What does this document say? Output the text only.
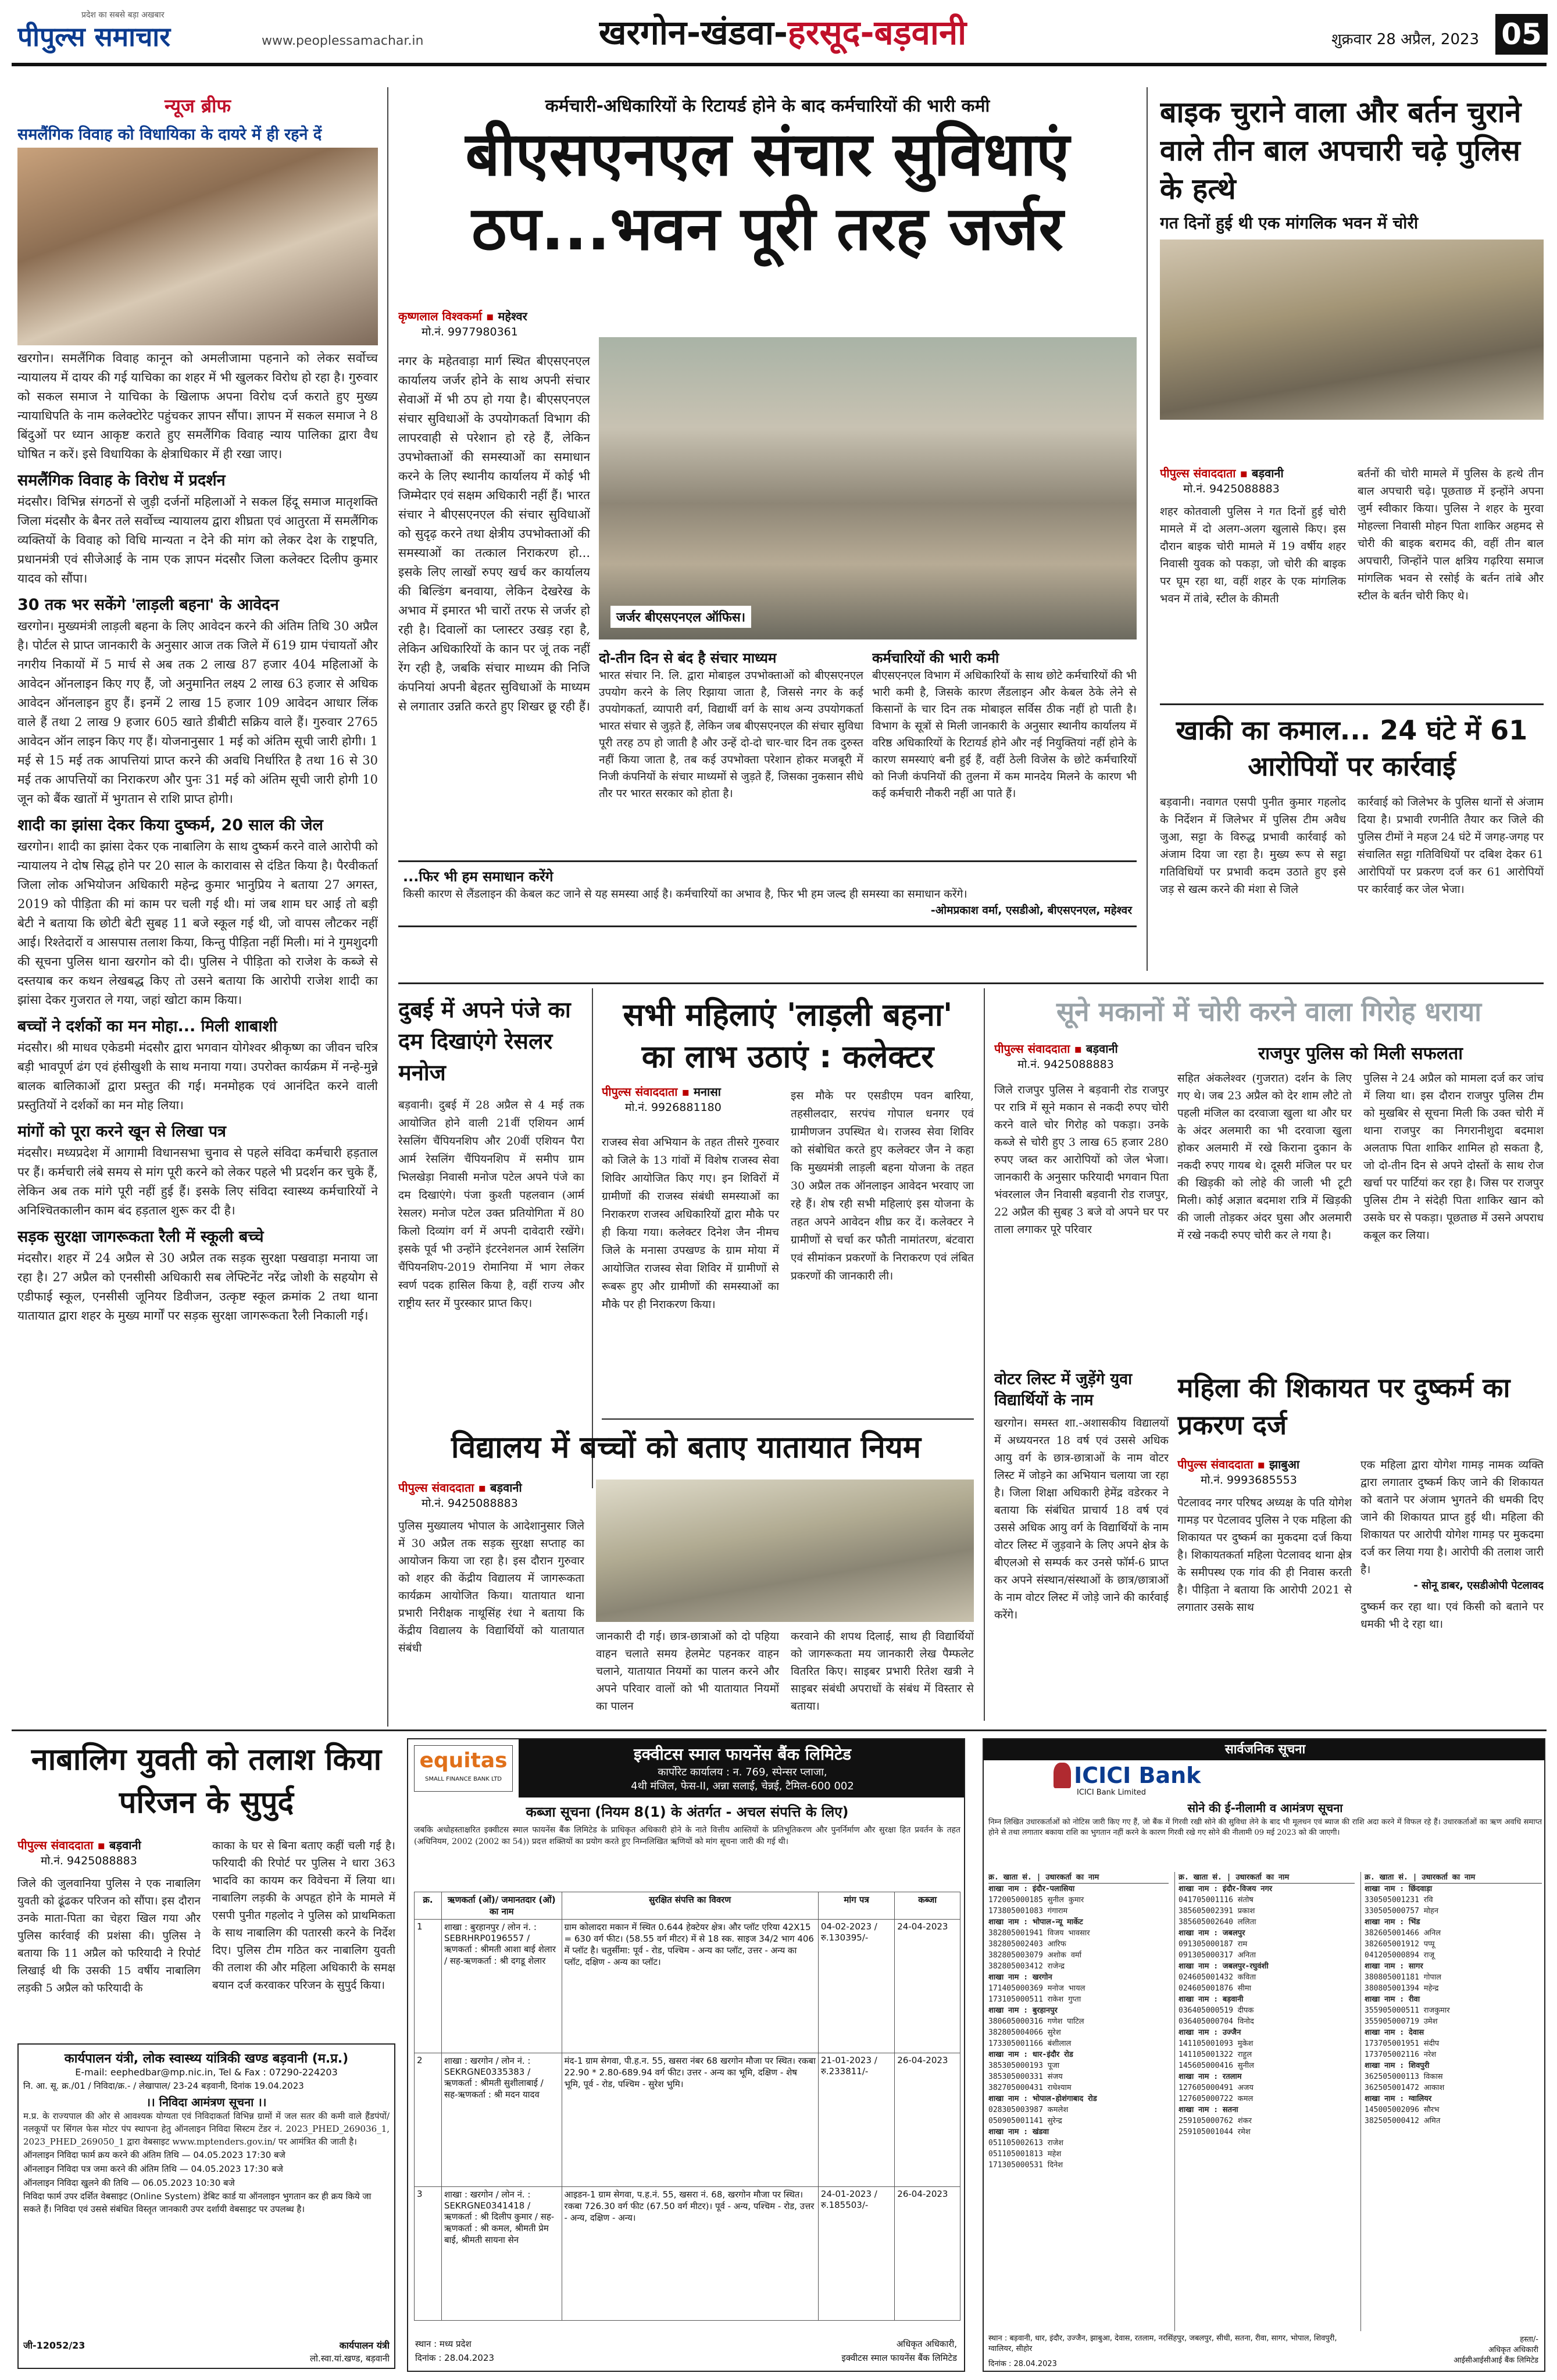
प्रदेश का सबसे बड़ा अखबार
पीपुल्स समाचार	www.peoplessamachar.in	खरगोन-खंडवा-हरसूद-बड़वानी	शुक्रवार 28 अप्रैल, 2023 05
न्यूज ब्रीफ
समलैंगिक विवाह को विधायिका के दायरे में ही रहने दें
खरगोन। समलैंगिक विवाह कानून को अमलीजामा पहनाने को लेकर सर्वोच्च न्यायालय में दायर की गई याचिका का शहर में भी खुलकर विरोध हो रहा है। गुरुवार को सकल समाज ने याचिका के खिलाफ अपना विरोध दर्ज कराते हुए मुख्य न्यायाधिपति के नाम कलेक्टोरेट पहुंचकर ज्ञापन सौंपा। ज्ञापन में सकल समाज ने 8 बिंदुओं पर ध्यान आकृष्ट कराते हुए समलैंगिक विवाह न्याय पालिका द्वारा वैध घोषित न करें। इसे विधायिका के क्षेत्राधिकार में ही रखा जाए।
समलैंगिक विवाह के विरोध में प्रदर्शन
मंदसौर। विभिन्न संगठनों से जुड़ी दर्जनों महिलाओं ने सकल हिंदू समाज मातृशक्ति जिला मंदसौर के बैनर तले सर्वोच्च न्यायालय द्वारा शीघ्रता एवं आतुरता में समलैंगिक व्यक्तियों के विवाह को विधि मान्यता न देने की मांग को लेकर देश के राष्ट्रपति, प्रधानमंत्री एवं सीजेआई के नाम एक ज्ञापन मंदसौर जिला कलेक्टर दिलीप कुमार यादव को सौंपा।
30 तक भर सकेंगे 'लाड़ली बहना' के आवेदन
खरगोन। मुख्यमंत्री लाड़ली बहना के लिए आवेदन करने की अंतिम तिथि 30 अप्रैल है। पोर्टल से प्राप्त जानकारी के अनुसार आज तक जिले में 619 ग्राम पंचायतों और नगरीय निकायों में 5 मार्च से अब तक 2 लाख 87 हजार 404 महिलाओं के आवेदन ऑनलाइन किए गए हैं, जो अनुमानित लक्ष्य 2 लाख 63 हजार से अधिक आवेदन ऑनलाइन हुए हैं। इनमें 2 लाख 15 हजार 109 आवेदन आधार लिंक वाले हैं तथा 2 लाख 9 हजार 605 खाते डीबीटी सक्रिय वाले हैं। गुरुवार 2765 आवेदन ऑन लाइन किए गए हैं। योजनानुसार 1 मई को अंतिम सूची जारी होगी। 1 मई से 15 मई तक आपत्तियां प्राप्त करने की अवधि निर्धारित है तथा 16 से 30 मई तक आपत्तियों का निराकरण और पुनः 31 मई को अंतिम सूची जारी होगी 10 जून को बैंक खातों में भुगतान से राशि प्राप्त होगी।
शादी का झांसा देकर किया दुष्कर्म, 20 साल की जेल
खरगोन। शादी का झांसा देकर एक नाबालिग के साथ दुष्कर्म करने वाले आरोपी को न्यायालय ने दोष सिद्ध होने पर 20 साल के कारावास से दंडित किया है। पैरवीकर्ता जिला लोक अभियोजन अधिकारी महेन्द्र कुमार भानुप्रिय ने बताया 27 अगस्त, 2019 को पीड़िता की मां काम पर चली गई थी। मां जब शाम घर आई तो बड़ी बेटी ने बताया कि छोटी बेटी सुबह 11 बजे स्कूल गई थी, जो वापस लौटकर नहीं आई। रिश्तेदारों व आसपास तलाश किया, किन्तु पीड़िता नहीं मिली। मां ने गुमशुदगी की सूचना पुलिस थाना खरगोन को दी। पुलिस ने पीड़िता को राजेश के कब्जे से दस्तयाब कर कथन लेखबद्ध किए तो उसने बताया कि आरोपी राजेश शादी का झांसा देकर गुजरात ले गया, जहां खोटा काम किया।
बच्चों ने दर्शकों का मन मोहा... मिली शाबाशी
मंदसौर। श्री माधव एकेडमी मंदसौर द्वारा भगवान योगेश्वर श्रीकृष्ण का जीवन चरित्र बड़ी भावपूर्ण ढंग एवं हंसीखुशी के साथ मनाया गया। उपरोक्त कार्यक्रम में नन्हे-मुन्ने बालक बालिकाओं द्वारा प्रस्तुत की गई। मनमोहक एवं आनंदित करने वाली प्रस्तुतियों ने दर्शकों का मन मोह लिया।
मांगों को पूरा करने खून से लिखा पत्र
मंदसौर। मध्यप्रदेश में आगामी विधानसभा चुनाव से पहले संविदा कर्मचारी हड़ताल पर हैं। कर्मचारी लंबे समय से मांग पूरी करने को लेकर पहले भी प्रदर्शन कर चुके हैं, लेकिन अब तक मांगे पूरी नहीं हुई हैं। इसके लिए संविदा स्वास्थ्य कर्मचारियों ने अनिश्चितकालीन काम बंद हड़ताल शुरू कर दी है।
सड़क सुरक्षा जागरूकता रैली में स्कूली बच्चे
मंदसौर। शहर में 24 अप्रैल से 30 अप्रैल तक सड़क सुरक्षा पखवाड़ा मनाया जा रहा है। 27 अप्रैल को एनसीसी अधिकारी सब लेफ्टिनेंट नरेंद्र जोशी के सहयोग से एडीफाई स्कूल, एनसीसी जूनियर डिवीजन, उत्कृष्ट स्कूल क्रमांक 2 तथा थाना यातायात द्वारा शहर के मुख्य मार्गों पर सड़क सुरक्षा जागरूकता रैली निकाली गई।
कर्मचारी-अधिकारियों के रिटायर्ड होने के बाद कर्मचारियों की भारी कमी
बीएसएनएल संचार सुविधाएं
ठप...भवन पूरी तरह जर्जर
कृष्णलाल विश्वकर्मा ▪ महेश्वर
मो.नं. 9977980361
नगर के महेतवाड़ा मार्ग स्थित बीएसएनएल कार्यालय जर्जर होने के साथ अपनी संचार सेवाओं में भी ठप हो गया है। बीएसएनएल संचार सुविधाओं के उपयोगकर्ता विभाग की लापरवाही से परेशान हो रहे हैं, लेकिन उपभोक्ताओं की समस्याओं का समाधान करने के लिए स्थानीय कार्यालय में कोई भी जिम्मेदार एवं सक्षम अधिकारी नहीं हैं। भारत संचार ने बीएसएनएल की संचार सुविधाओं को सुदृढ़ करने तथा क्षेत्रीय उपभोक्ताओं की समस्याओं का तत्काल निराकरण हो... इसके लिए लाखों रुपए खर्च कर कार्यालय की बिल्डिंग बनवाया, लेकिन देखरेख के अभाव में इमारत भी चारों तरफ से जर्जर हो रही है। दिवालों का प्लास्टर उखड़ रहा है, लेकिन अधिकारियों के कान पर जूं तक नहीं रेंग रही है, जबकि संचार माध्यम की निजि कंपनियां अपनी बेहतर सुविधाओं के माध्यम से लगातार उन्नति करते हुए शिखर छू रही हैं।
जर्जर बीएसएनएल ऑफिस।
दो-तीन दिन से बंद है संचार माध्यम
भारत संचार नि. लि. द्वारा मोबाइल उपभोक्ताओं को बीएसएनएल उपयोग करने के लिए रिझाया जाता है, जिससे नगर के कई उपयोगकर्ता, व्यापारी वर्ग, विद्यार्थी वर्ग के साथ अन्य उपयोगकर्ता भारत संचार से जुड़ते हैं, लेकिन जब बीएसएनएल की संचार सुविधा पूरी तरह ठप हो जाती है और उन्हें दो-दो चार-चार दिन तक दुरुस्त नहीं किया जाता है, तब कई उपभोक्ता परेशान होकर मजबूरी में निजी कंपनियों के संचार माध्यमों से जुड़ते हैं, जिसका नुकसान सीधे तौर पर भारत सरकार को होता है।
कर्मचारियों की भारी कमी
बीएसएनएल विभाग में अधिकारियों के साथ छोटे कर्मचारियों की भी भारी कमी है, जिसके कारण लैंडलाइन और केबल ठेके लेने से किसानों के चार दिन तक मोबाइल सर्विस ठीक नहीं हो पाती है। विभाग के सूत्रों से मिली जानकारी के अनुसार स्थानीय कार्यालय में वरिष्ठ अधिकारियों के रिटायर्ड होने और नई नियुक्तियां नहीं होने के कारण समस्याएं बनी हुई हैं, वहीं ठेली विजेस के छोटे कर्मचारियों को निजी कंपनियों की तुलना में कम मानदेय मिलने के कारण भी कई कर्मचारी नौकरी नहीं आ पाते हैं।
...फिर भी हम समाधान करेंगे
किसी कारण से लैंडलाइन की केबल कट जाने से यह समस्या आई है। कर्मचारियों का अभाव है, फिर भी हम जल्द ही समस्या का समाधान करेंगे।
-ओमप्रकाश वर्मा, एसडीओ, बीएसएनएल, महेश्वर
बाइक चुराने वाला और बर्तन चुराने वाले तीन बाल अपचारी चढ़े पुलिस के हत्थे
गत दिनों हुई थी एक मांगलिक भवन में चोरी
पीपुल्स संवाददाता ▪ बड़वानी
मो.नं. 9425088883
शहर कोतवाली पुलिस ने गत दिनों हुई चोरी मामले में दो अलग-अलग खुलासे किए। इस दौरान बाइक चोरी मामले में 19 वर्षीय शहर निवासी युवक को पकड़ा, जो चोरी की बाइक पर घूम रहा था, वहीं शहर के एक मांगलिक भवन में तांबे, स्टील के कीमती
बर्तनों की चोरी मामले में पुलिस के हत्थे तीन बाल अपचारी चढ़े। पूछताछ में इन्होंने अपना जुर्म स्वीकार किया। पुलिस ने शहर के मुरवा मोहल्ला निवासी मोहन पिता शाकिर अहमद से चोरी की बाइक बरामद की, वहीं तीन बाल अपचारी, जिन्होंने पाल क्षत्रिय गढ़रिया समाज मांगलिक भवन से रसोई के बर्तन तांबे और स्टील के बर्तन चोरी किए थे।
खाकी का कमाल... 24 घंटे में 61 आरोपियों पर कार्रवाई
बड़वानी। नवागत एसपी पुनीत कुमार गहलोद के निर्देशन में जिलेभर में पुलिस टीम अवैध जुआ, सट्टा के विरुद्ध प्रभावी कार्रवाई को अंजाम दिया जा रहा है। मुख्य रूप से सट्टा गतिविधियों पर प्रभावी कदम उठाते हुए इसे जड़ से खत्म करने की मंशा से जिले
कार्रवाई को जिलेभर के पुलिस थानों से अंजाम दिया है। प्रभावी रणनीति तैयार कर जिले की पुलिस टीमों ने महज 24 घंटे में जगह-जगह पर संचालित सट्टा गतिविधियों पर दबिश देकर 61 आरोपियों पर प्रकरण दर्ज कर 61 आरोपियों पर कार्रवाई कर जेल भेजा।
दुबई में अपने पंजे का दम दिखाएंगे रेसलर मनोज
बड़वानी। दुबई में 28 अप्रैल से 4 मई तक आयोजित होने वाली 21वीं एशियन आर्म रेसलिंग चैंपियनशिप और 20वीं एशियन पैरा आर्म रेसलिंग चैंपियनशिप में समीप ग्राम भिलखेड़ा निवासी मनोज पटेल अपने पंजे का दम दिखाएंगे। पंजा कुश्ती पहलवान (आर्म रेसलर) मनोज पटेल उक्त प्रतियोगिता में 80 किलो दिव्यांग वर्ग में अपनी दावेदारी रखेंगे। इसके पूर्व भी उन्होंने इंटरनेशनल आर्म रेसलिंग चैंपियनशिप-2019 रोमानिया में भाग लेकर स्वर्ण पदक हासिल किया है, वहीं राज्य और राष्ट्रीय स्तर में पुरस्कार प्राप्त किए।
सभी महिलाएं 'लाड़ली बहना'
का लाभ उठाएं : कलेक्टर
पीपुल्स संवाददाता ▪ मनासा
मो.नं. 9926881180
राजस्व सेवा अभियान के तहत तीसरे गुरुवार को जिले के 13 गांवों में विशेष राजस्व सेवा शिविर आयोजित किए गए। इन शिविरों में ग्रामीणों की राजस्व संबंधी समस्याओं का निराकरण राजस्व अधिकारियों द्वारा मौके पर ही किया गया। कलेक्टर दिनेश जैन नीमच जिले के मनासा उपखण्ड के ग्राम मोया में आयोजित राजस्व सेवा शिविर में ग्रामीणों से रूबरू हुए और ग्रामीणों की समस्याओं का मौके पर ही निराकरण किया।
इस मौके पर एसडीएम पवन बारिया, तहसीलदार, सरपंच गोपाल धनगर एवं ग्रामीणजन उपस्थित थे। राजस्व सेवा शिविर को संबोधित करते हुए कलेक्टर जैन ने कहा कि मुख्यमंत्री लाड़ली बहना योजना के तहत 30 अप्रैल तक ऑनलाइन आवेदन भरवाए जा रहे हैं। शेष रही सभी महिलाएं इस योजना के तहत अपने आवेदन शीघ्र कर दें। कलेक्टर ने ग्रामीणों से चर्चा कर फौती नामांतरण, बंटवारा एवं सीमांकन प्रकरणों के निराकरण एवं लंबित प्रकरणों की जानकारी ली।
विद्यालय में बच्चों को बताए यातायात नियम
पीपुल्स संवाददाता ▪ बड़वानी
मो.नं. 9425088883
पुलिस मुख्यालय भोपाल के आदेशानुसार जिले में 30 अप्रैल तक सड़क सुरक्षा सप्ताह का आयोजन किया जा रहा है। इस दौरान गुरुवार को शहर की केंद्रीय विद्यालय में जागरूकता कार्यक्रम आयोजित किया। यातायात थाना प्रभारी निरीक्षक नाथूसिंह रंधा ने बताया कि केंद्रीय विद्यालय के विद्यार्थियों को यातायात संबंधी
जानकारी दी गई। छात्र-छात्राओं को दो पहिया वाहन चलाते समय हेलमेट पहनकर वाहन चलाने, यातायात नियमों का पालन करने और अपने परिवार वालों को भी यातायात नियमों का पालन
करवाने की शपथ दिलाई, साथ ही विद्यार्थियों को जागरूकता मय जानकारी लेख पैम्फलेट वितरित किए। साइबर प्रभारी रितेश खत्री ने साइबर संबंधी अपराधों के संबंध में विस्तार से बताया।
सूने मकानों में चोरी करने वाला गिरोह धराया
पीपुल्स संवाददाता ▪ बड़वानी
मो.नं. 9425088883
राजपुर पुलिस को मिली सफलता
जिले राजपुर पुलिस ने बड़वानी रोड राजपुर पर रात्रि में सूने मकान से नकदी रुपए चोरी करने वाले चोर गिरोह को पकड़ा। उनके कब्जे से चोरी हुए 3 लाख 65 हजार 280 रुपए जब्त कर आरोपियों को जेल भेजा। जानकारी के अनुसार फरियादी भगवान पिता भंवरलाल जैन निवासी बड़वानी रोड राजपुर, 22 अप्रैल की सुबह 3 बजे वो अपने घर पर ताला लगाकर पूरे परिवार
सहित अंकलेश्वर (गुजरात) दर्शन के लिए गए थे। जब 23 अप्रैल को देर शाम लौटे तो पहली मंजिल का दरवाजा खुला था और घर के अंदर अलमारी का भी दरवाजा खुला होकर अलमारी में रखे किराना दुकान के नकदी रुपए गायब थे। दूसरी मंजिल पर घर की खिड़की को लोहे की जाली भी टूटी मिली। कोई अज्ञात बदमाश रात्रि में खिड़की की जाली तोड़कर अंदर घुसा और अलमारी में रखे नकदी रुपए चोरी कर ले गया है।
पुलिस ने 24 अप्रैल को मामला दर्ज कर जांच में लिया था। इस दौरान राजपुर पुलिस टीम को मुखबिर से सूचना मिली कि उक्त चोरी में थाना राजपुर का निगरानीशुदा बदमाश अलताफ पिता शाकिर शामिल हो सकता है, जो दो-तीन दिन से अपने दोस्तों के साथ रोज खर्चा पर पार्टियां कर रहा है। जिस पर राजपुर पुलिस टीम ने संदेही पिता शाकिर खान को उसके घर से पकड़ा। पूछताछ में उसने अपराध कबूल कर लिया।
वोटर लिस्ट में जुड़ेंगे युवा विद्यार्थियों के नाम
खरगोन। समस्त शा.-अशासकीय विद्यालयों में अध्ययनरत 18 वर्ष एवं उससे अधिक आयु वर्ग के छात्र-छात्राओं के नाम वोटर लिस्ट में जोड़ने का अभियान चलाया जा रहा है। जिला शिक्षा अधिकारी हेमेंद्र वडेरकर ने बताया कि संबंधित प्राचार्य 18 वर्ष एवं उससे अधिक आयु वर्ग के विद्यार्थियों के नाम वोटर लिस्ट में जुड़वाने के लिए अपने क्षेत्र के बीएलओ से सम्पर्क कर उनसे फॉर्म-6 प्राप्त कर अपने संस्थान/संस्थाओं के छात्र/छात्राओं के नाम वोटर लिस्ट में जोड़े जाने की कार्रवाई करेंगे।
महिला की शिकायत पर दुष्कर्म का प्रकरण दर्ज
पीपुल्स संवाददाता ▪ झाबुआ
मो.नं. 9993685553
पेटलावद नगर परिषद अध्यक्ष के पति योगेश गामड़ पर पेटलावद पुलिस ने एक महिला की शिकायत पर दुष्कर्म का मुकदमा दर्ज किया है। शिकायतकर्ता महिला पेटलावद थाना क्षेत्र के समीपस्थ एक गांव की ही निवास करती है। पीड़िता ने बताया कि आरोपी 2021 से लगातार उसके साथ
एक महिला द्वारा योगेश गामड़ नामक व्यक्ति द्वारा लगातार दुष्कर्म किए जाने की शिकायत को बताने पर अंजाम भुगतने की धमकी दिए जाने की शिकायत प्राप्त हुई थी। महिला की शिकायत पर आरोपी योगेश गामड़ पर मुकदमा दर्ज कर लिया गया है। आरोपी की तलाश जारी है।
- सोनू डाबर, एसडीओपी पेटलावद
दुष्कर्म कर रहा था। एवं किसी को बताने पर धमकी भी दे रहा था।
नाबालिग युवती को तलाश किया परिजन के सुपुर्द
पीपुल्स संवाददाता ▪ बड़वानी
मो.नं. 9425088883
जिले की जुलवानिया पुलिस ने एक नाबालिग युवती को ढूंढकर परिजन को सौंपा। इस दौरान उनके माता-पिता का चेहरा खिल गया और पुलिस कार्रवाई की प्रशंसा की। पुलिस ने बताया कि 11 अप्रैल को फरियादी ने रिपोर्ट लिखाई थी कि उसकी 15 वर्षीय नाबालिग लड़की 5 अप्रैल को फरियादी के
काका के घर से बिना बताए कहीं चली गई है। फरियादी की रिपोर्ट पर पुलिस ने धारा 363 भादवि का कायम कर विवेचना में लिया था। नाबालिग लड़की के अपहृत होने के मामले में एसपी पुनीत गहलोद ने पुलिस को प्राथमिकता के साथ नाबालिग की पतारसी करने के निर्देश दिए। पुलिस टीम गठित कर नाबालिग युवती की तलाश की और महिला अधिकारी के समक्ष बयान दर्ज करवाकर परिजन के सुपुर्द किया।
कार्यपालन यंत्री, लोक स्वास्थ्य यांत्रिकी खण्ड बड़वानी (म.प्र.)
E-mail: eephedbar@mp.nic.in, Tel & Fax : 07290-224203
नि. आ. सू. क्र./01 / निविदा/क्र.- / लेखापाल/ 23-24 बड़वानी, दिनांक 19.04.2023
।। निविदा आमंत्रण सूचना ।।
म.प्र. के राज्यपाल की ओर से आवश्यक योग्यता एवं निविदाकर्ता विभिन्न ग्रामों में जल सतर की कमी वाले हैंडपंपों/नलकूपों पर सिंगल फेस मोटर पंप स्थापना हेतु ऑनलाइन निविदा सिस्टम टेंडर नं. 2023_PHED_269036_1, 2023_PHED_269050_1 द्वारा वेबसाइट www.mptenders.gov.in/ पर आमंत्रित की जाती है।
ऑनलाइन निविदा फार्म क्रय करने की अंतिम तिथि — 04.05.2023 17:30 बजे
ऑनलाइन निविदा पत्र जमा करने की अंतिम तिथि — 04.05.2023 17:30 बजे
ऑनलाइन निविदा खुलने की तिथि — 06.05.2023 10:30 बजे
निविदा फार्म उपर दर्शित वेबसाइट (Online System) डेबिट कार्ड या ऑनलाइन भुगतान कर ही क्रय किये जा सकते हैं। निविदा एवं उससे संबंधित विस्तृत जानकारी उपर दर्शायी वेबसाइट पर उपलब्ध है।
जी-12052/23	कार्यपालन यंत्री
लो.स्वा.यां.खण्ड, बड़वानी
equitas
SMALL FINANCE BANK LTD
इक्वीटस स्माल फायनेंस बैंक लिमिटेड
कार्पोरेट कार्यालय : न. 769, स्पेन्सर प्लाजा,
4थी मंजिल, फेस-II, अन्ना सलाई, चेन्नई, टैमिल-600 002
कब्जा सूचना (नियम 8(1) के अंतर्गत - अचल संपत्ति के लिए)
जबकि अधोहस्ताक्षरित इक्वीटस स्माल फायनेंस बैंक लिमिटेड के प्राधिकृत अधिकारी होने के नाते वित्तीय आस्तियों के प्रतिभूतिकरण और पुनर्निर्माण और सुरक्षा हित प्रवर्तन के तहत (अधिनियम, 2002 (2002 का 54)) प्रदत्त शक्तियों का प्रयोग करते हुए निम्नलिखित ऋणियों को मांग सूचना जारी की गई थी।
क्र.	ऋणकर्ता (ओं)/ जमानतदार (ओं) का नाम	सुरक्षित संपत्ति का विवरण	मांग पत्र	कब्जा
1	शाखा : बुरहानपुर / लोन नं. : SEBRHRP0196557 / ऋणकर्ता : श्रीमती आशा बाई शेलार / सह-ऋणकर्ता : श्री दगडू शेलार	ग्राम कोलादरा मकान में स्थित 0.644 हेक्टेयर क्षेत्र। और प्लॉट एरिया 42X15 = 630 वर्ग फीट। (58.55 वर्ग मीटर) में से 18 स्क. साइज 34/2 भाग 406 में प्लॉट है। चतुर्सीमा: पूर्व - रोड, पश्चिम - अन्य का प्लॉट, उत्तर - अन्य का प्लॉट, दक्षिण - अन्य का प्लॉट।	04-02-2023 / रु.130395/-	24-04-2023
2	शाखा : खरगोन / लोन नं. : SEKRGNE0335383 / ऋणकर्ता : श्रीमती सुशीलाबाई / सह-ऋणकर्ता : श्री मदन यादव	मंद-1 ग्राम सेगवा, पी.ह.न. 55, खसरा नंबर 68 खरगोन मौजा पर स्थित। रकबा 22.90 * 2.80-689.94 वर्ग फीट। उत्तर - अन्य का भूमि, दक्षिण - शेष भूमि, पूर्व - रोड, पश्चिम - सुरेश भुमि।	21-01-2023 / रु.233811/-	26-04-2023
3	शाखा : खरगोन / लोन नं. : SEKRGNE0341418 / ऋणकर्ता : श्री दिलीप कुमार / सह-ऋणकर्ता : श्री कमल, श्रीमती प्रेम बाई, श्रीमती सायना सेन	आइडन-1 ग्राम सेगवा, प.ह.नं. 55, खसरा नं. 68, खरगोन मौजा पर स्थित। रकबा 726.30 वर्ग फीट (67.50 वर्ग मीटर)। पूर्व - अन्य, पश्चिम - रोड, उत्तर - अन्य, दक्षिण - अन्य।	24-01-2023 / रु.185503/-	26-04-2023
स्थान : मध्य प्रदेश
दिनांक : 28.04.2023
अधिकृत अधिकारी,
इक्वीटस स्माल फायनेंस बैंक लिमिटेड
सार्वजनिक सूचना
ICICI Bank
ICICI Bank Limited
सोने की ई-नीलामी व आमंत्रण सूचना
निम्न लिखित उधारकर्ताओं को नोटिस जारी किए गए हैं, जो बैंक में गिरवी रखी सोने की सुविधा लेने के बाद भी मूलधन एवं ब्याज की राशि अदा करने में विफल रहे हैं। उधारकर्ताओं का ऋण अवधि समाप्त होने से तथा लगातार बकाया राशि का भुगतान नहीं करने के कारण गिरवी रखे गए सोने की नीलामी 09 मई 2023 को की जाएगी।
क्र. खाता सं. | उधारकर्ता का नाम
शाखा नाम : इंदौर-पलासिया
172005000185 सुनील कुमार
173805001083 गंगाराम
शाखा नाम : भोपाल-न्यू मार्केट
382805001941 विजय भावसार
382805002403 आरिफ
382805003079 अशोक वर्मा
382805003412 राजेन्द्र
शाखा नाम : खरगोन
171405000369 मनोज भायल
173105000511 राकेश गुप्ता
शाखा नाम : बुरहानपुर
380605000316 गणेश पाटिल
382805004066 सुरेश
173305001166 बंशीलाल
शाखा नाम : धार-इंदौर रोड
385305000193 पूजा
385305000331 संजय
382705000431 राधेश्याम
शाखा नाम : भोपाल-होशंगाबाद रोड
028305003987 कमलेश
050905001141 सुरेन्द्र
शाखा नाम : खंडवा
051105002613 राजेश
051105001813 महेश
171305000531 दिनेश
क्र. खाता सं. | उधारकर्ता का नाम
शाखा नाम : इंदौर-विजय नगर
041705001116 संतोष
385605002391 प्रकाश
385605002640 ललिता
शाखा नाम : जबलपुर
091305000187 राम
091305000317 अनिता
शाखा नाम : जबलपुर-रघुवंशी
024605001432 कविता
024605001876 सीमा
शाखा नाम : बड़वानी
036405000519 दीपक
036405000704 विनोद
शाखा नाम : उज्जैन
141105001093 मुकेश
141105001322 राहुल
145605000416 सुनील
शाखा नाम : रतलाम
127605000491 अजय
127605000722 कमल
शाखा नाम : सतना
259105000762 शंकर
259105001044 रमेश
क्र. खाता सं. | उधारकर्ता का नाम
शाखा नाम : छिंदवाड़ा
330505001231 रवि
330505000757 मोहन
शाखा नाम : भिंड
382605001466 अनिल
382605001912 पप्पू
041205000894 राजू
शाखा नाम : सागर
380805001181 गोपाल
380805001394 महेन्द्र
शाखा नाम : रीवा
355905000511 राजकुमार
355905000719 उमेश
शाखा नाम : देवास
173705001951 संदीप
173705002116 नरेश
शाखा नाम : शिवपुरी
362505000113 विकास
362505001472 आकाश
शाखा नाम : ग्वालियर
145005002096 सौरभ
382505000412 अमित
स्थान : बड़वानी, धार, इंदौर, उज्जैन, झाबुआ, देवास, रतलाम, नरसिंहपुर, जबलपुर, सीधी, सतना, रीवा, सागर, भोपाल, शिवपुरी, ग्वालियर, सीहोर
दिनांक : 28.04.2023
हस्ता/-
अधिकृत अधिकारी
आईसीआईसीआई बैंक लिमिटेड
